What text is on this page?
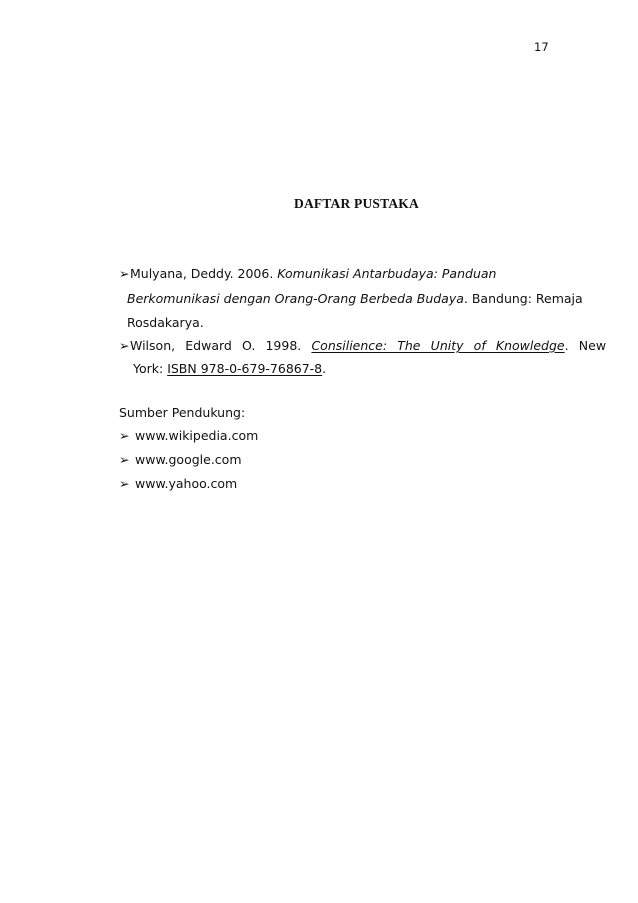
17
DAFTAR PUSTAKA
➢Mulyana, Deddy. 2006. Komunikasi Antarbudaya: Panduan
Berkomunikasi dengan Orang-Orang Berbeda Budaya. Bandung: Remaja
Rosdakarya.
➢Wilson, Edward O. 1998. Consilience: The Unity of Knowledge. New
York: ISBN 978-0-679-76867-8.
Sumber Pendukung:
➢ www.wikipedia.com
➢ www.google.com
➢ www.yahoo.com
